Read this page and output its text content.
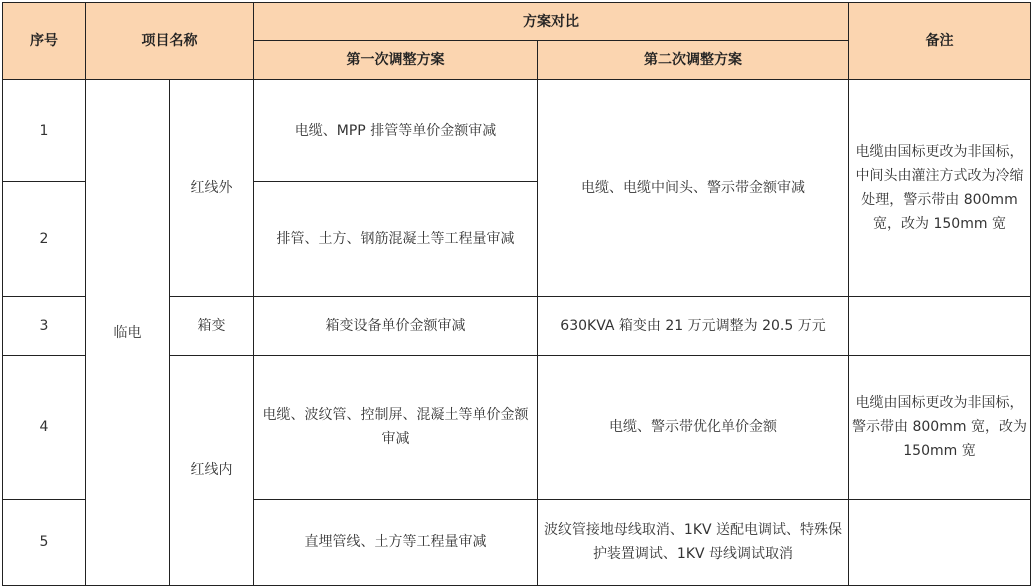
序号	项目名称		方案对比		备注
			第一次调整方案	第二次调整方案	
1	临电	红线外	电缆、MPP 排管等单价金额审减	电缆、电缆中间头、警示带金额审减	电缆由国标更改为非国标，中间头由灌注方式改为冷缩处理，警示带由 800mm 宽，改为 150mm 宽
2			排管、土方、钢筋混凝土等工程量审减		
3		箱变	箱变设备单价金额审减	630KVA 箱变由 21 万元调整为 20.5 万元	
4		红线内	电缆、波纹管、控制屏、混凝土等单价金额审减	电缆、警示带优化单价金额	电缆由国标更改为非国标，警示带由 800mm 宽，改为 150mm 宽
5			直埋管线、土方等工程量审减	波纹管接地母线取消、1KV 送配电调试、特殊保护装置调试、1KV 母线调试取消	
